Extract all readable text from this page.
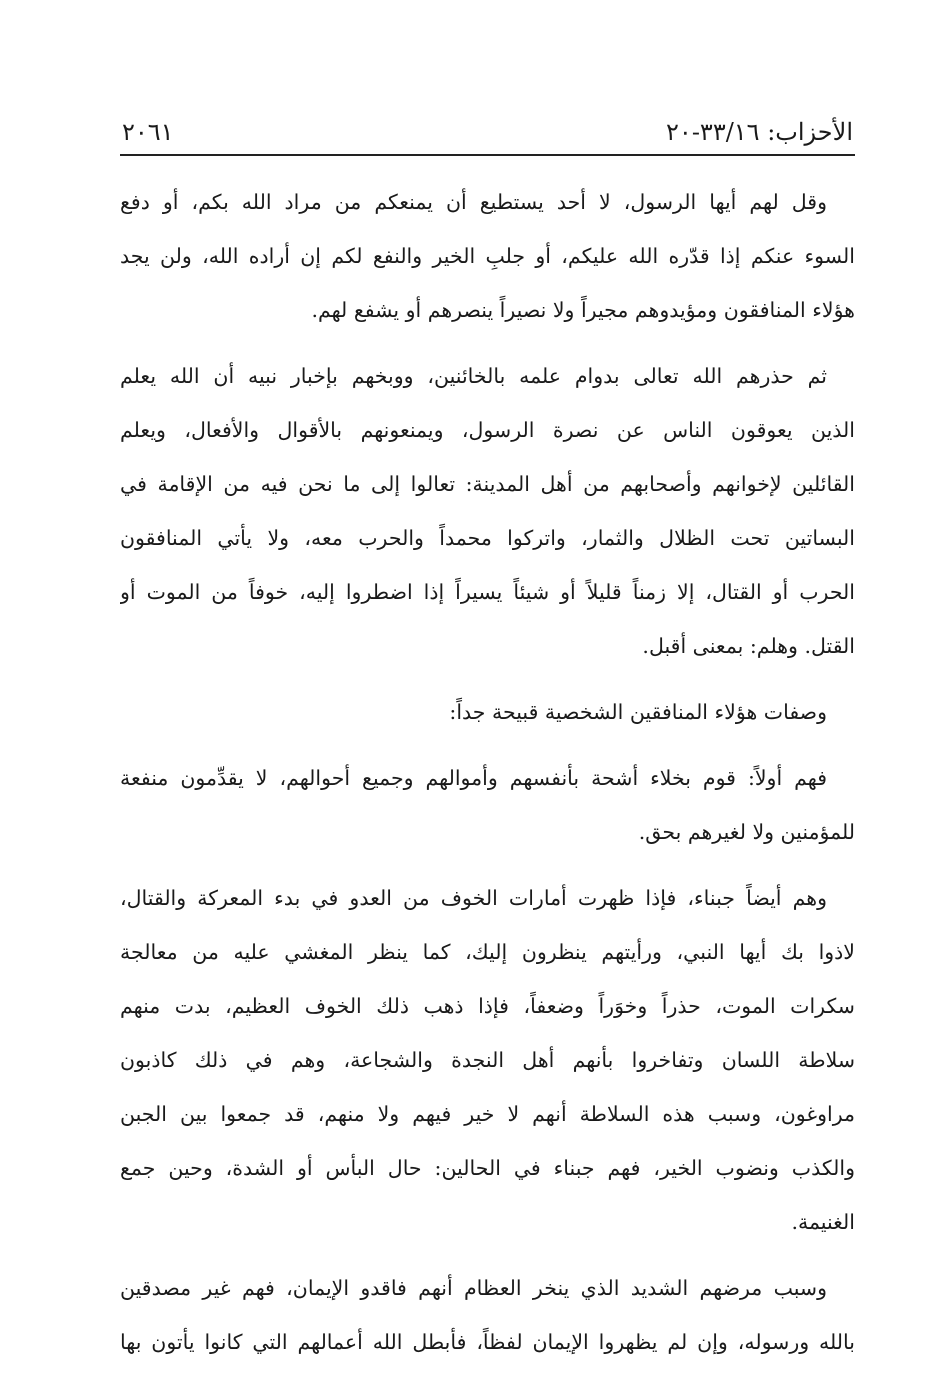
الأحزاب: ٣٣/١٦-٢٠
٢٠٦١
وقل لهم أيها الرسول، لا أحد يستطيع أن يمنعكم من مراد الله بكم، أو دفع
السوء عنكم إذا قدّره الله عليكم، أو جلبِ الخير والنفع لكم إن أراده الله، ولن يجد
هؤلاء المنافقون ومؤيدوهم مجيراً ولا نصيراً ينصرهم أو يشفع لهم.
ثم حذرهم الله تعالى بدوام علمه بالخائنين، ووبخهم بإخبار نبيه أن الله يعلم
الذين يعوقون الناس عن نصرة الرسول، ويمنعونهم بالأقوال والأفعال، ويعلم
القائلين لإخوانهم وأصحابهم من أهل المدينة: تعالوا إلى ما نحن فيه من الإقامة في
البساتين تحت الظلال والثمار، واتركوا محمداً والحرب معه، ولا يأتي المنافقون
الحرب أو القتال، إلا زمناً قليلاً أو شيئاً يسيراً إذا اضطروا إليه، خوفاً من الموت أو
القتل. وهلم: بمعنى أقبل.
وصفات هؤلاء المنافقين الشخصية قبيحة جداً:
فهم أولاً: قوم بخلاء أشحة بأنفسهم وأموالهم وجميع أحوالهم، لا يقدِّمون منفعة
للمؤمنين ولا لغيرهم بحق.
وهم أيضاً جبناء، فإذا ظهرت أمارات الخوف من العدو في بدء المعركة والقتال،
لاذوا بك أيها النبي، ورأيتهم ينظرون إليك، كما ينظر المغشي عليه من معالجة
سكرات الموت، حذراً وخوَراً وضعفاً، فإذا ذهب ذلك الخوف العظيم، بدت منهم
سلاطة اللسان وتفاخروا بأنهم أهل النجدة والشجاعة، وهم في ذلك كاذبون
مراوغون، وسبب هذه السلاطة أنهم لا خير فيهم ولا منهم، قد جمعوا بين الجبن
والكذب ونضوب الخير، فهم جبناء في الحالين: حال البأس أو الشدة، وحين جمع
الغنيمة.
وسبب مرضهم الشديد الذي ينخر العظام أنهم فاقدو الإيمان، فهم غير مصدقين
بالله ورسوله، وإن لم يظهروا الإيمان لفظاً، فأبطل الله أعمالهم التي كانوا يأتون بها
